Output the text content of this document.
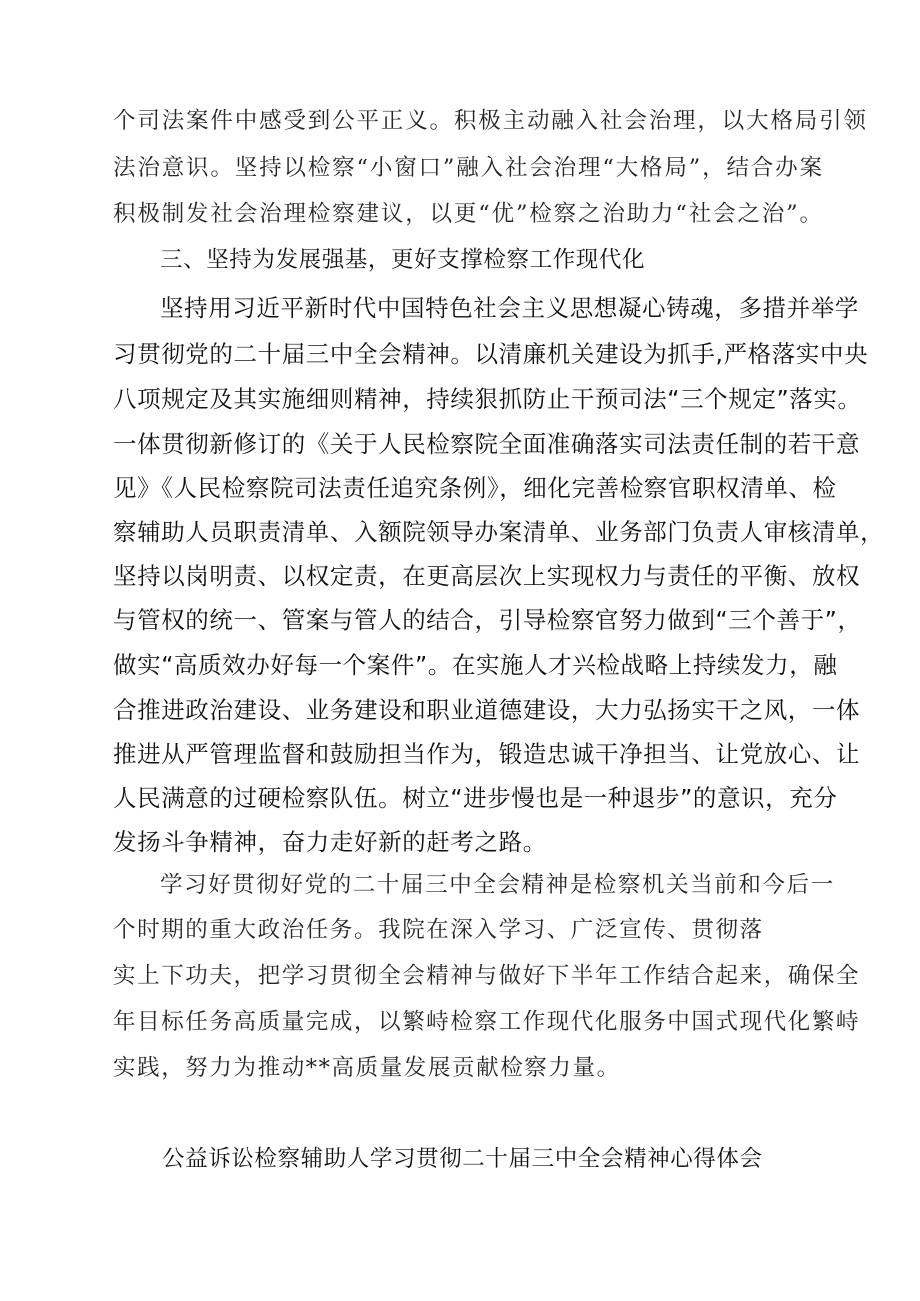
个司法案件中感受到公平正义。积极主动融入社会治理，以大格局引领

法治意识。坚持以检察“小窗口”融入社会治理“大格局”，结合办案

积极制发社会治理检察建议，以更“优”检察之治助力“社会之治”。

三、坚持为发展强基，更好支撑检察工作现代化

坚持用习近平新时代中国特色社会主义思想凝心铸魂，多措并举学

习贯彻党的二十届三中全会精神。以清廉机关建设为抓手,严格落实中央

八项规定及其实施细则精神，持续狠抓防止干预司法“三个规定”落实。

一体贯彻新修订的《关于人民检察院全面准确落实司法责任制的若干意

见》《人民检察院司法责任追究条例》，细化完善检察官职权清单、检

察辅助人员职责清单、入额院领导办案清单、业务部门负责人审核清单，

坚持以岗明责、以权定责，在更高层次上实现权力与责任的平衡、放权

与管权的统一、管案与管人的结合，引导检察官努力做到“三个善于”，

做实“高质效办好每一个案件”。在实施人才兴检战略上持续发力，融

合推进政治建设、业务建设和职业道德建设，大力弘扬实干之风，一体

推进从严管理监督和鼓励担当作为，锻造忠诚干净担当、让党放心、让

人民满意的过硬检察队伍。树立“进步慢也是一种退步”的意识，充分

发扬斗争精神，奋力走好新的赶考之路。

学习好贯彻好党的二十届三中全会精神是检察机关当前和今后一

个时期的重大政治任务。我院在深入学习、广泛宣传、贯彻落

实上下功夫，把学习贯彻全会精神与做好下半年工作结合起来，确保全

年目标任务高质量完成，以繁峙检察工作现代化服务中国式现代化繁峙

实践，努力为推动**高质量发展贡献检察力量。

公益诉讼检察辅助人学习贯彻二十届三中全会精神心得体会
